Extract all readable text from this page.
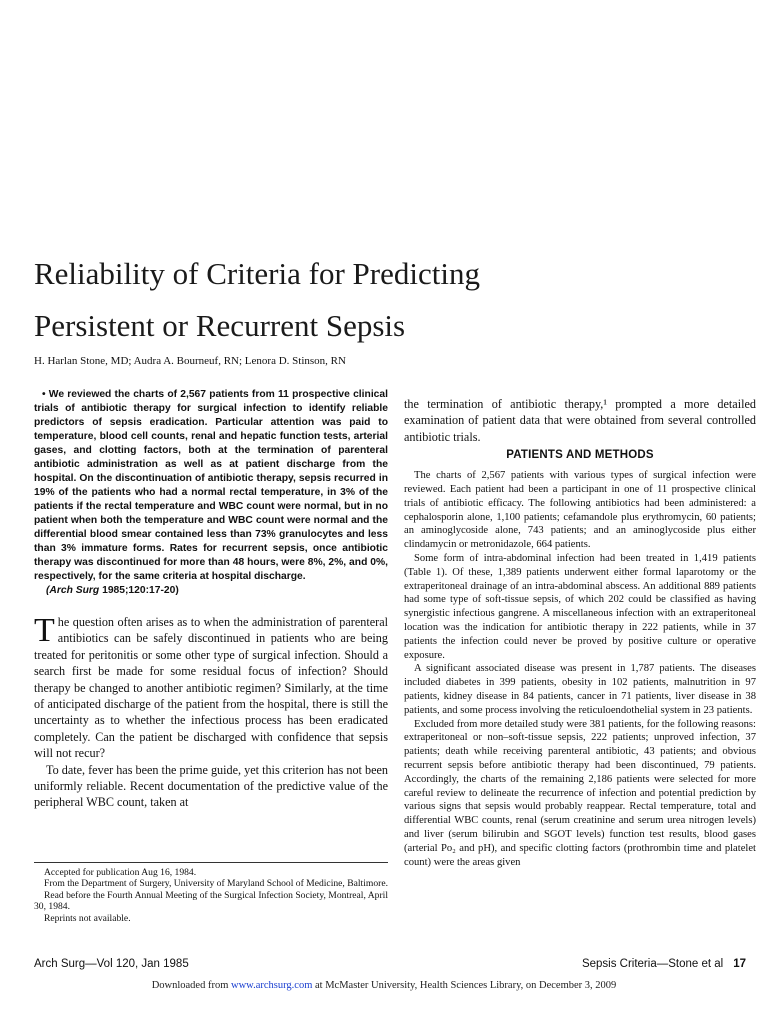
Reliability of Criteria for Predicting
Persistent or Recurrent Sepsis

H. Harlan Stone, MD; Audra A. Bourneuf, RN; Lenora D. Stinson, RN

• We reviewed the charts of 2,567 patients from 11 prospective clinical trials of antibiotic therapy for surgical infection to identify reliable predictors of sepsis eradication. Particular attention was paid to temperature, blood cell counts, renal and hepatic function tests, arterial gases, and clotting factors, both at the termination of parenteral antibiotic administration as well as at patient discharge from the hospital. On the discontinuation of antibiotic therapy, sepsis recurred in 19% of the patients who had a normal rectal temperature, in 3% of the patients if the rectal temperature and WBC count were normal, but in no patient when both the temperature and WBC count were normal and the differential blood smear contained less than 73% granulocytes and less than 3% immature forms. Rates for recurrent sepsis, once antibiotic therapy was discontinued for more than 48 hours, were 8%, 2%, and 0%, respectively, for the same criteria at hospital discharge.

(Arch Surg 1985;120:17-20)

The question often arises as to when the administration of parenteral antibiotics can be safely discontinued in patients who are being treated for peritonitis or some other type of surgical infection. Should a search first be made for some residual focus of infection? Should therapy be changed to another antibiotic regimen? Similarly, at the time of anticipated discharge of the patient from the hospital, there is still the uncertainty as to whether the infectious process has been eradicated completely. Can the patient be discharged with confidence that sepsis will not recur?

To date, fever has been the prime guide, yet this criterion has not been uniformly reliable. Recent documentation of the predictive value of the peripheral WBC count, taken at

the termination of antibiotic therapy,¹ prompted a more detailed examination of patient data that were obtained from several controlled antibiotic trials.

PATIENTS AND METHODS

The charts of 2,567 patients with various types of surgical infection were reviewed. Each patient had been a participant in one of 11 prospective clinical trials of antibiotic efficacy. The following antibiotics had been administered: a cephalosporin alone, 1,100 patients; cefamandole plus erythromycin, 60 patients; an aminoglycoside alone, 743 patients; and an aminoglycoside plus either clindamycin or metronidazole, 664 patients.

Some form of intra-abdominal infection had been treated in 1,419 patients (Table 1). Of these, 1,389 patients underwent either formal laparotomy or the extraperitoneal drainage of an intra-abdominal abscess. An additional 889 patients had some type of soft-tissue sepsis, of which 202 could be classified as having synergistic infectious gangrene. A miscellaneous infection with an extraperitoneal location was the indication for antibiotic therapy in 222 patients, while in 37 patients the infection could never be proved by positive culture or operative exposure.

A significant associated disease was present in 1,787 patients. The diseases included diabetes in 399 patients, obesity in 102 patients, malnutrition in 97 patients, kidney disease in 84 patients, cancer in 71 patients, liver disease in 38 patients, and some process involving the reticuloendothelial system in 23 patients.

Excluded from more detailed study were 381 patients, for the following reasons: extraperitoneal or non–soft-tissue sepsis, 222 patients; unproved infection, 37 patients; death while receiving parenteral antibiotic, 43 patients; and obvious recurrent sepsis before antibiotic therapy had been discontinued, 79 patients. Accordingly, the charts of the remaining 2,186 patients were selected for more careful review to delineate the recurrence of infection and potential prediction by various signs that sepsis would probably reappear. Rectal temperature, total and differential WBC counts, renal (serum creatinine and serum urea nitrogen levels) and liver (serum bilirubin and SGOT levels) function test results, blood gases (arterial Po₂ and pH), and specific clotting factors (prothrombin time and platelet count) were the areas given

Accepted for publication Aug 16, 1984.

From the Department of Surgery, University of Maryland School of Medicine, Baltimore.

Read before the Fourth Annual Meeting of the Surgical Infection Society, Montreal, April 30, 1984.

Reprints not available.

Arch Surg—Vol 120, Jan 1985	Sepsis Criteria—Stone et al 17

Downloaded from www.archsurg.com at McMaster University, Health Sciences Library, on December 3, 2009
